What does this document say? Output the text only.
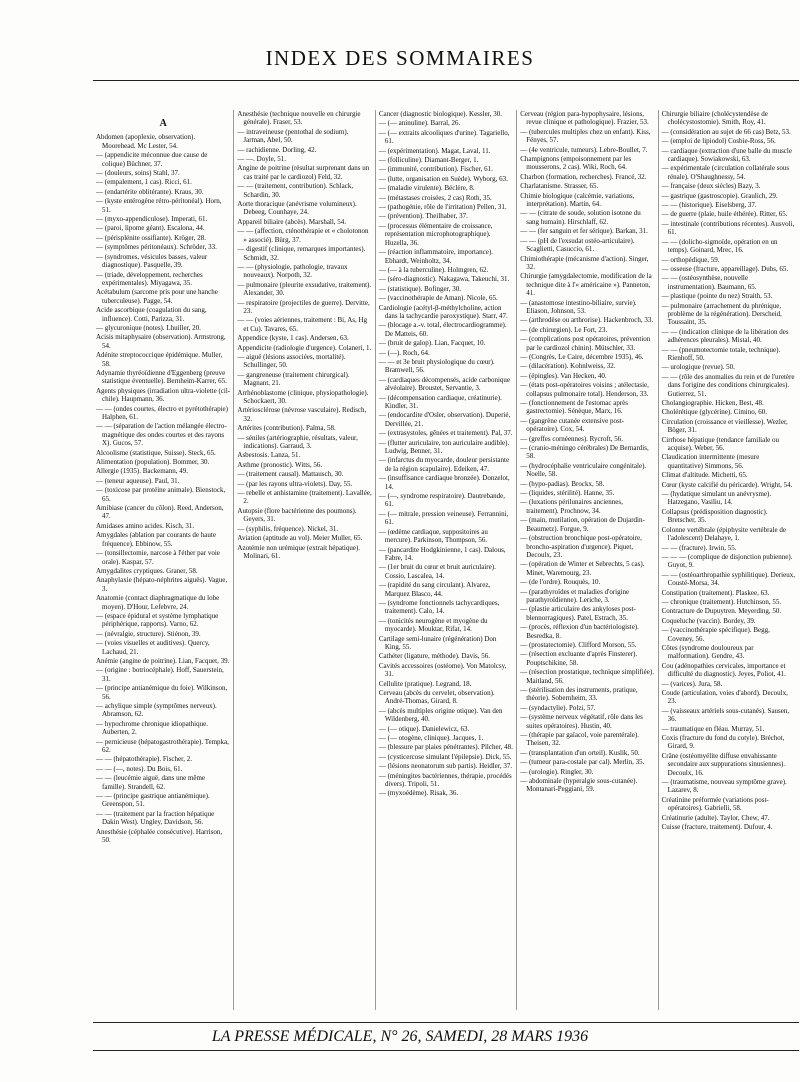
INDEX DES SOMMAIRES
A
Abdomen (apoplexie, observation). Moorehead. Mc Lester, 54.
— (appendicite méconnue due cause de colique) Büchner, 37.
— (douleurs, soins) Stahl, 37.
— (empalement, 1 cas). Ricci, 61.
— (endartérite oblitérante). Kraus, 30.
— (kyste entérogène rétro-péritonéal). Horn, 51.
— (myxo-appendiculose). Imperati, 61.
— (paroi, lipome géant). Escalona, 44.
— (périsplénite ossifiante). Kröger, 28.
— (symptômes péritonéaux). Schröder, 33.
— (syndromes, vésicules basses, valeur diagnostique). Pasquelle, 39.
— (triade, développement, recherches expérimentales). Miyagawa, 35.
Acétabulum (sarcome pris pour une hanche tuberculeuse). Pagge, 54.
Acide ascorbique (coagulation du sang, influence). Cotti, Parizza, 31.
— glycuronique (notes). Lhuiller, 20.
Acisis mitaphysaire (observation). Armstrong, 54.
Adénite streptococcique épidémique. Muller, 58.
Adynamie thyréoïdienne d'Eggenberg (preuve statistique éventuelle). Bernheim-Karrer, 65.
Agents physiques (irradiation ultra-violette (cil-chile). Haupmann, 36.
— — (ondes courtes, électro et pyrétothérapie) Halphen, 61.
— — (séparation de l'action mélangée électro-magnétique des ondes courtes et des rayons X). Gucos, 57.
Alcoolisme (statistique, Suisse). Steck, 65.
Alimentation (population). Bommer, 30.
Allergie (1935). Backemann, 49.
— (teneur aqueuse). Paul, 31.
— (toxicose par protéine animale). Bienstock, 65.
Amibiase (cancer du côlon). Reed, Anderson, 47.
Amidases amino acides. Kisch, 31.
Amygdales (ablation par courants de haute fréquence). Ebbinow, 55.
— (tonsillectomie, narcose à l'éther par voie orale). Kaspar, 57.
Amygdalites cryptiques. Graner, 58.
Anaphylaxie (hépato-néphrites aiguës). Vague, 3.
Anatomie (contact diaphragmatique du lobe moyen). D'Hour, Lefebvre, 24.
— (espace épidural et système lymphatique périphérique, rapports). Varno, 62.
— (névralgie, structure). Stiénon, 39.
— (voies visuelles et auditives). Quercy, Lachaud, 21.
Anémie (angine de poitrine). Lian, Facquet, 39.
— (origine : botriocéphale). Hoff, Sauerstein, 31.
— (principe antianémique du foie). Wilkinson, 56.
— achylique simple (symptômes nerveux). Abramson, 62.
— hypochrome chronique idiopathique. Auberten, 2.
— pernicieuse (hépatogastrothérapie). Tempka, 62.
— — (hépatothérapie). Fischer, 2.
— — (—, notes). Du Bois, 61.
— — (leucémie aiguë, dans une même famille). Strandell, 62.
— — (principe gastrique antianémique). Greenspon, 51.
— — (traitement par la fraction hépatique Dakin West). Ungley, Davidson, 56.
Anesthésie (céphalée consécutive). Harrison, 50.
Anesthésie (technique nouvelle en chirurgie générale). Fraser, 53.
— intraveineuse (pentothal de sodium). Jarman, Abel, 50.
— rachidienne. Dorling, 42.
— —. Doyle, 51.
Angine de poitrine (résultat surprenant dans un cas traité par le cardiozol) Feld, 32.
— — (traitement, contribution). Schlack, Schardin, 30.
Aorte thoracique (anévrisme volumineux). Debeeg, Counhaye, 24.
Appareil biliaire (abcès). Marshall, 54.
— — (affection, cténothérapie et « cholotonon » associé). Bürg, 37.
— digestif (clinique, remarques importantes). Schmidt, 32.
— — (physiologie, pathologie, travaux nouveaux). Norpoth, 32.
— pulmonaire (pleurite exsudative, traitement). Alexander, 30.
— respiratoire (projectiles de guerre). Dervitte, 23.
— — (voies aériennes, traitement : Bi, As, Hg et Cu). Tavares, 65.
Appendice (kyste, 1 cas). Andersen, 63.
Appendicite (radiologie d'urgence). Colaneri, 1.
— aiguë (lésions associées, mortalité). Schullinger, 50.
— gangreneuse (traitement chirurgical). Magnant, 21.
Arrhénoblastome (clinique, physiopathologie). Schockaert, 30.
Artériosclérose (névrose vasculaire). Redisch, 32.
Artérites (contribution). Palma, 58.
— séniles (artériographie, résultats, valeur, indications). Garraud, 3.
Asbestosis. Lanza, 51.
Asthme (pronostic). Witts, 56.
— (traitement causal). Mattausch, 30.
— (par les rayons ultra-violets). Day, 55.
— rebelle et anhistamine (traitement). Lavallée, 2.
Autopsie (flore bactérienne des poumons). Geyers, 31.
— (syphilis, fréquence). Nickel, 31.
Aviation (aptitude au vol). Meier Muller, 65.
Azotémie non urémique (extrait hépatique). Molinari, 61.
Cancer (diagnostic biologique). Kessler, 30.
— (— aninuline). Barral, 26.
— (— extraits alcooliques d'urine). Tagariello, 61.
— (expérimentation). Magat, Laval, 11.
— (folliculine). Diamant-Berger, 1.
— (immunité, contribution). Fischer, 61.
— (lutte, organisation en Suède). Wyborg, 63.
— (maladie virulente). Béclère, 8.
— (métastases croisées, 2 cas) Roth, 35.
— (pathogénie, rôle de l'irritation) Pellen, 31.
— (prévention). Theilhaber, 37.
— (processus élémentaire de croissance, représentation microphotographique). Huzella, 36.
— (réaction inflammatoire, importance). Ebhardt, Weinholtz, 34.
— (— à la tuberculine). Holmgren, 62.
— (séro-diagnostic). Nakagawa, Takeuchi, 31.
— (statistique). Bofinger, 30.
— (vaccinothérapie de Aman). Nicole, 65.
Cardiologie (acétyl-β-méthylcholine, action dans la tachycardie paroxystique). Starr, 47.
— (blocage a.-v. total, électrocardiogramme). De Matteis, 60.
— (bruit de galop). Lian, Facquet, 10.
— (—). Roch, 64.
— — et 3e bruit physiologique du cœur). Bramwell, 56.
— (cardiaques décompensés, acide carbonique alvéolaire). Broustet, Servantie, 3.
— (décompensation cardiaque, créatinurie). Kindler, 31.
— (endocardite d'Osler, observation). Duperié, Dervillée, 21.
— (extrasystoles, gênées et traitement). Pal, 37.
— (flutter auriculaire, ton auriculaire audible). Ludwig, Benner, 31.
— (infarctus du myocarde, douleur persistante de la région scapulaire). Edeiken, 47.
— (insuffisance cardiaque bronzée). Donzelot, 14.
— (—, syndrome respiratoire). Dautrebande, 61.
— (— mitrale, pression veineuse). Ferrannini, 61.
— (œdème cardiaque, suppositoires au mercure). Parkinson, Thompson, 56.
— (pancardite Hodgkinienne, 1 cas). Dalous, Fabre, 14.
— (1er bruit du cœur et bruit auriculaire). Cossio, Lascalea, 14.
— (rapidité du sang circulant). Alvarez, Marquez Blasco, 44.
— (syndrome fonctionnels tachycardiques, traitement). Calo, 14.
— (tonicités neurogène et myogène du myocarde). Mouktar, Rifat, 14.
Cartilage semi-lunaire (régénération) Don King, 55.
Cathéter (ligature, méthode). Davis, 56.
Cavités accessoires (ostéome). Von Matolcsy, 31.
Cellulite (pratique). Legrand, 18.
Cerveau (abcès du cervelet, observation). André-Thomas, Girard, 8.
— (abcès multiples origine otique). Van den Wildenberg, 40.
— (— otique). Danielewicz, 63.
— (— otogène, clinique). Jacques, 1.
— (blessure par plaies pénétrantes). Pilcher, 48.
— (cysticercose simulant l'épilepsie). Dick, 55.
— (lésions neonatorum sub partis). Heidler, 37.
— (méningites bactériennes, thérapie, procédés divers). Tripoli, 51.
— (myxoédème). Risak, 36.
Cerveau (région para-hypophysaire, lésions, revue clinique et pathologique). Frazier, 53.
— (tubercules multiples chez un enfant). Kiss, Fényes, 57.
— (4e ventricule, tumeurs). Lebre-Boullet, 7.
Champignons (empoisonnement par les mousserons, 2 cas). Wiki, Roch, 64.
Charbon (formation, recherches). Francé, 32.
Charlatanisme. Strasser, 65.
Chimie biologique (calcémie, variations, interprétation). Martin, 64.
— — (citrate de soude, solution isotone du sang humain). Hirschlaff, 62.
— — (fer sanguin et fer sérique). Barkan, 31.
— — (pH de l'exsudat ostéo-articulaire). Scaglietti, Casuccio, 61.
Chimiothérapie (mécanisme d'action). Singer, 32.
Chirurgie (amygdalectomie, modification de la technique dite à l'« américaine »). Panneton, 41.
— (anastomose intestino-biliaire, survie). Eliason, Johnson, 53.
— (arthrodèse ou arthrorise). Hackenbroch, 33.
— (de chirurgien). Le Fort, 23.
— (complications post opératoires, prévention par le cardiozol chinin). Mütschler, 33.
— (Congrès, Le Caire, décembre 1935), 46.
— (dilacération). Kohnlweiss, 32.
— (épingles). Van Hecken, 40.
— (états post-opératoires voisins ; atélectasie, collapsus pulmonaire total). Henderson, 33.
— (fonctionnement de l'estomac après gastrectomie). Sénèque, Marx, 16.
— (gangrène cutanée extensive post-opératoire). Cox, 54.
— (greffes cornéennes). Rycroft, 56.
— (cranio-méningo cérébrales) De Bernardis, 58.
— (hydrocéphalie ventriculaire congénitale). Noelle, 58.
— (hypo-padias). Brockx, 58.
— (liquides, stérilité). Hanne, 35.
— (luxations périlunaires anciennes, traitement). Prochnow, 34.
— (main, mutilation, opération de Dujardin-Beaumetz). Forgue, 9.
— (obstruction bronchique post-opératoire, broncho-aspiration d'urgence). Piquet, Decoulx, 23.
— (opération de Winter et Sebrechts, 5 cas). Minet, Waremourg, 23.
— (de l'ordre). Rouquès, 10.
— (parathyroïdes et maladies d'origine parathyroïdienne). Leriche, 3.
— (plastie articulaire des ankyloses post-blennorragiques). Patel, Estrach, 35.
— (procès, réflexion d'un bactériologiste). Besredka, 8.
— (prostatectomie). Clifford Morson, 55.
— (résection excluante d'après Finsterer). Pouptschikine, 58.
— (résection prostatique, technique simplifiée). Maitland, 56.
— (stérilisation des instruments, pratique, théorie). Sobernheim, 33.
— (syndactylie). Polzi, 57.
— (système nerveux végétatif, rôle dans les suites opératoires). Hustin, 40.
— (thérapie par gaïacol, voie parentérale). Theisen, 32.
— (transplantation d'un orteil). Kuslik, 50.
— (tumeur para-costale par cal). Merlin, 35.
— (urologie). Ringler, 30.
— abdominale (hyperalgie sous-cutanée). Montanari-Peggiani, 59.
Chirurgie biliaire (cholécystendèse de cholécystostomie). Smith, Roy, 41.
— (considération au sujet de 66 cas) Betz, 53.
— (emploi de lipiodol) Cosbie-Ross, 56.
— cardiaque (extraction d'une balle du muscle cardiaque). Sowiakowski, 63.
— expérimentale (circulation collatérale sous rénale). O'Shaughnessy, 54.
— française (deux siècles) Bazy, 3.
— gastrique (gastroscopie). Graulich, 29.
— — (historique). Eiselsberg, 37.
— de guerre (plaie, huile éthérée). Ritter, 65.
— intestinale (contributions récentes). Ausvoli, 61.
— — (dolicho-sigmoïde, opération en un temps). Goinard, Mrec, 16.
— orthopédique, 59.
— osseuse (fracture, appareillage). Dubs, 65.
— — (ostéosynthèse, nouvelle instrumentation). Baumann, 65.
— plastique (pointe du nez) Straith, 53.
— pulmonaire (arrachement du phrénique, problème de la régénération). Derscheid, Toussaint, 35.
— — (indication clinique de la libération des adhérences pleurales). Mistal, 40.
— — (pneumotectomie totale, technique). Rienhoff, 50.
— urologique (revue). 50.
— — (rôle des anomalies du rein et de l'uretère dans l'origine des conditions chirurgicales). Gutierrez, 51.
Cholangiographie. Hicken, Best, 48.
Cholérétique (glycérine). Cimino, 60.
Circulation (croissance et vieillesse). Wezler, Böger, 31.
Cirrhose hépatique (tendance familiale ou acquise). Weber, 56.
Claudication intermittente (mesure quantitative) Simmons, 56.
Climat d'altitude. Michetti, 65.
Cœur (kyste calcifié du péricarde). Wright, 54.
— (hydatique simulant un anévrysme). Hatzegano, Vasiliu, 14.
Collapsus (prédisposition diagnostic). Bretscher, 35.
Colonne vertébrale (épiphysite vertébrale de l'adolescent) Delahaye, 1.
— — (fracture). Irwin, 55.
— — — (complique de disjonction pubienne). Guyot, 9.
— — (ostéoarthropathie syphilitique). Derieux, Cousté-Morsa, 34.
Constipation (traitement). Plaskee, 63.
— chronique (traitement). Hutchinson, 55.
Contracture de Dupuytren. Meyerding, 50.
Coqueluche (vaccin). Bordey, 39.
— (vaccinothérapie spécifique). Begg, Coveney, 56.
Côtes (syndrome douloureux par malformation). Gendre, 43.
Cou (adénopathies cervicales, importance et difficulté du diagnostic). Jeyes, Poliot, 41.
— (varices). Jura, 58.
Coude (articulation, voies d'abord). Decoulx, 23.
— (vaisseaux artériels sous-cutanés). Sausen, 36.
— traumatique en fléau. Murray, 51.
Coxis (fracture du fond du cotyle). Bréchot, Girard, 9.
Crâne (ostéomyélite diffuse envahissante secondaire aux suppurations sinusiennes). Decoulx, 16.
— (traumatisme, nouveau symptôme grave). Lazarev, 8.
Créatinine préformée (variations post-opératoires). Gabrielli, 58.
Créatinurie (adulte). Taylor, Chew, 47.
Cuisse (fracture, traitement). Dufour, 4.
LA PRESSE MÉDICALE, N° 26, SAMEDI, 28 MARS 1936
